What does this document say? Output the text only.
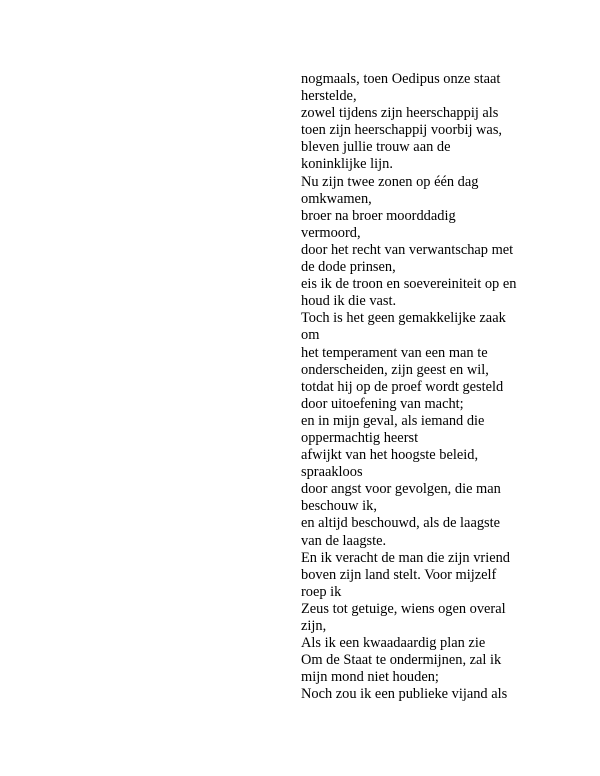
nogmaals, toen Oedipus onze staat
herstelde,
zowel tijdens zijn heerschappij als
toen zijn heerschappij voorbij was,
bleven jullie trouw aan de
koninklijke lijn.
Nu zijn twee zonen op één dag
omkwamen,
broer na broer moorddadig
vermoord,
door het recht van verwantschap met
de dode prinsen,
eis ik de troon en soevereiniteit op en
houd ik die vast.
Toch is het geen gemakkelijke zaak
om
het temperament van een man te
onderscheiden, zijn geest en wil,
totdat hij op de proef wordt gesteld
door uitoefening van macht;
en in mijn geval, als iemand die
oppermachtig heerst
afwijkt van het hoogste beleid,
spraakloos
door angst voor gevolgen, die man
beschouw ik,
en altijd beschouwd, als de laagste
van de laagste.
En ik veracht de man die zijn vriend
boven zijn land stelt. Voor mijzelf
roep ik
Zeus tot getuige, wiens ogen overal
zijn,
Als ik een kwaadaardig plan zie
Om de Staat te ondermijnen, zal ik
mijn mond niet houden;
Noch zou ik een publieke vijand als
